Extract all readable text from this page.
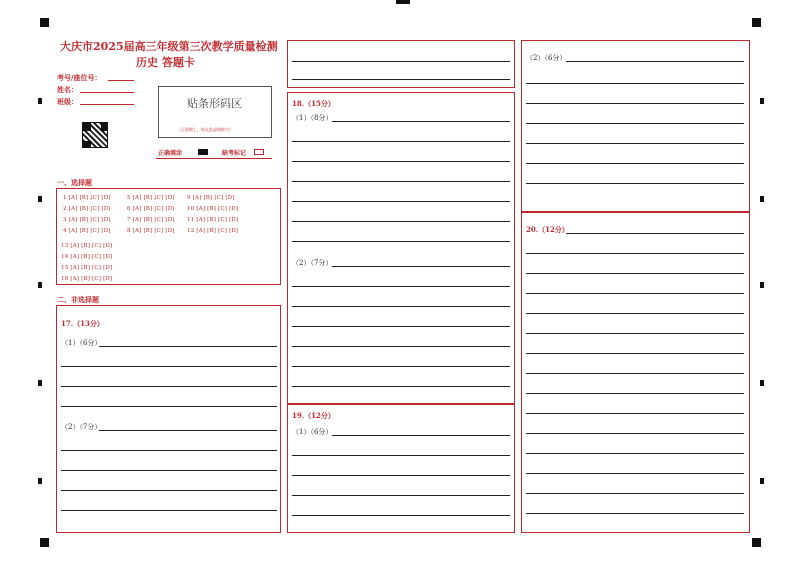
大庆市2025届高三年级第三次教学质量检测
历史 答题卡
考号/座位号：
姓名：
班级：	贴条形码区
（正面朝上，贴在此虚线框内）
正确填涂	缺考标记
一、选择题
1 [A] [B] [C] [D]
2 [A] [B] [C] [D]
3 [A] [B] [C] [D]
4 [A] [B] [C] [D]
5 [A] [B] [C] [D]
6 [A] [B] [C] [D]
7 [A] [B] [C] [D]
8 [A] [B] [C] [D]
9 [A] [B] [C] [D]
10 [A] [B] [C] [D]
11 [A] [B] [C] [D]
12 [A] [B] [C] [D]
13 [A] [B] [C] [D]
14 [A] [B] [C] [D]
15 [A] [B] [C] [D]
16 [A] [B] [C] [D]
二、非选择题
17.（13分）
（1）（6分）
（2）（7分）
18.（15分）
（1）（8分）
（2）（7分）
19.（12分）
（1）（6分）
（2）（6分）
20.（12分）
